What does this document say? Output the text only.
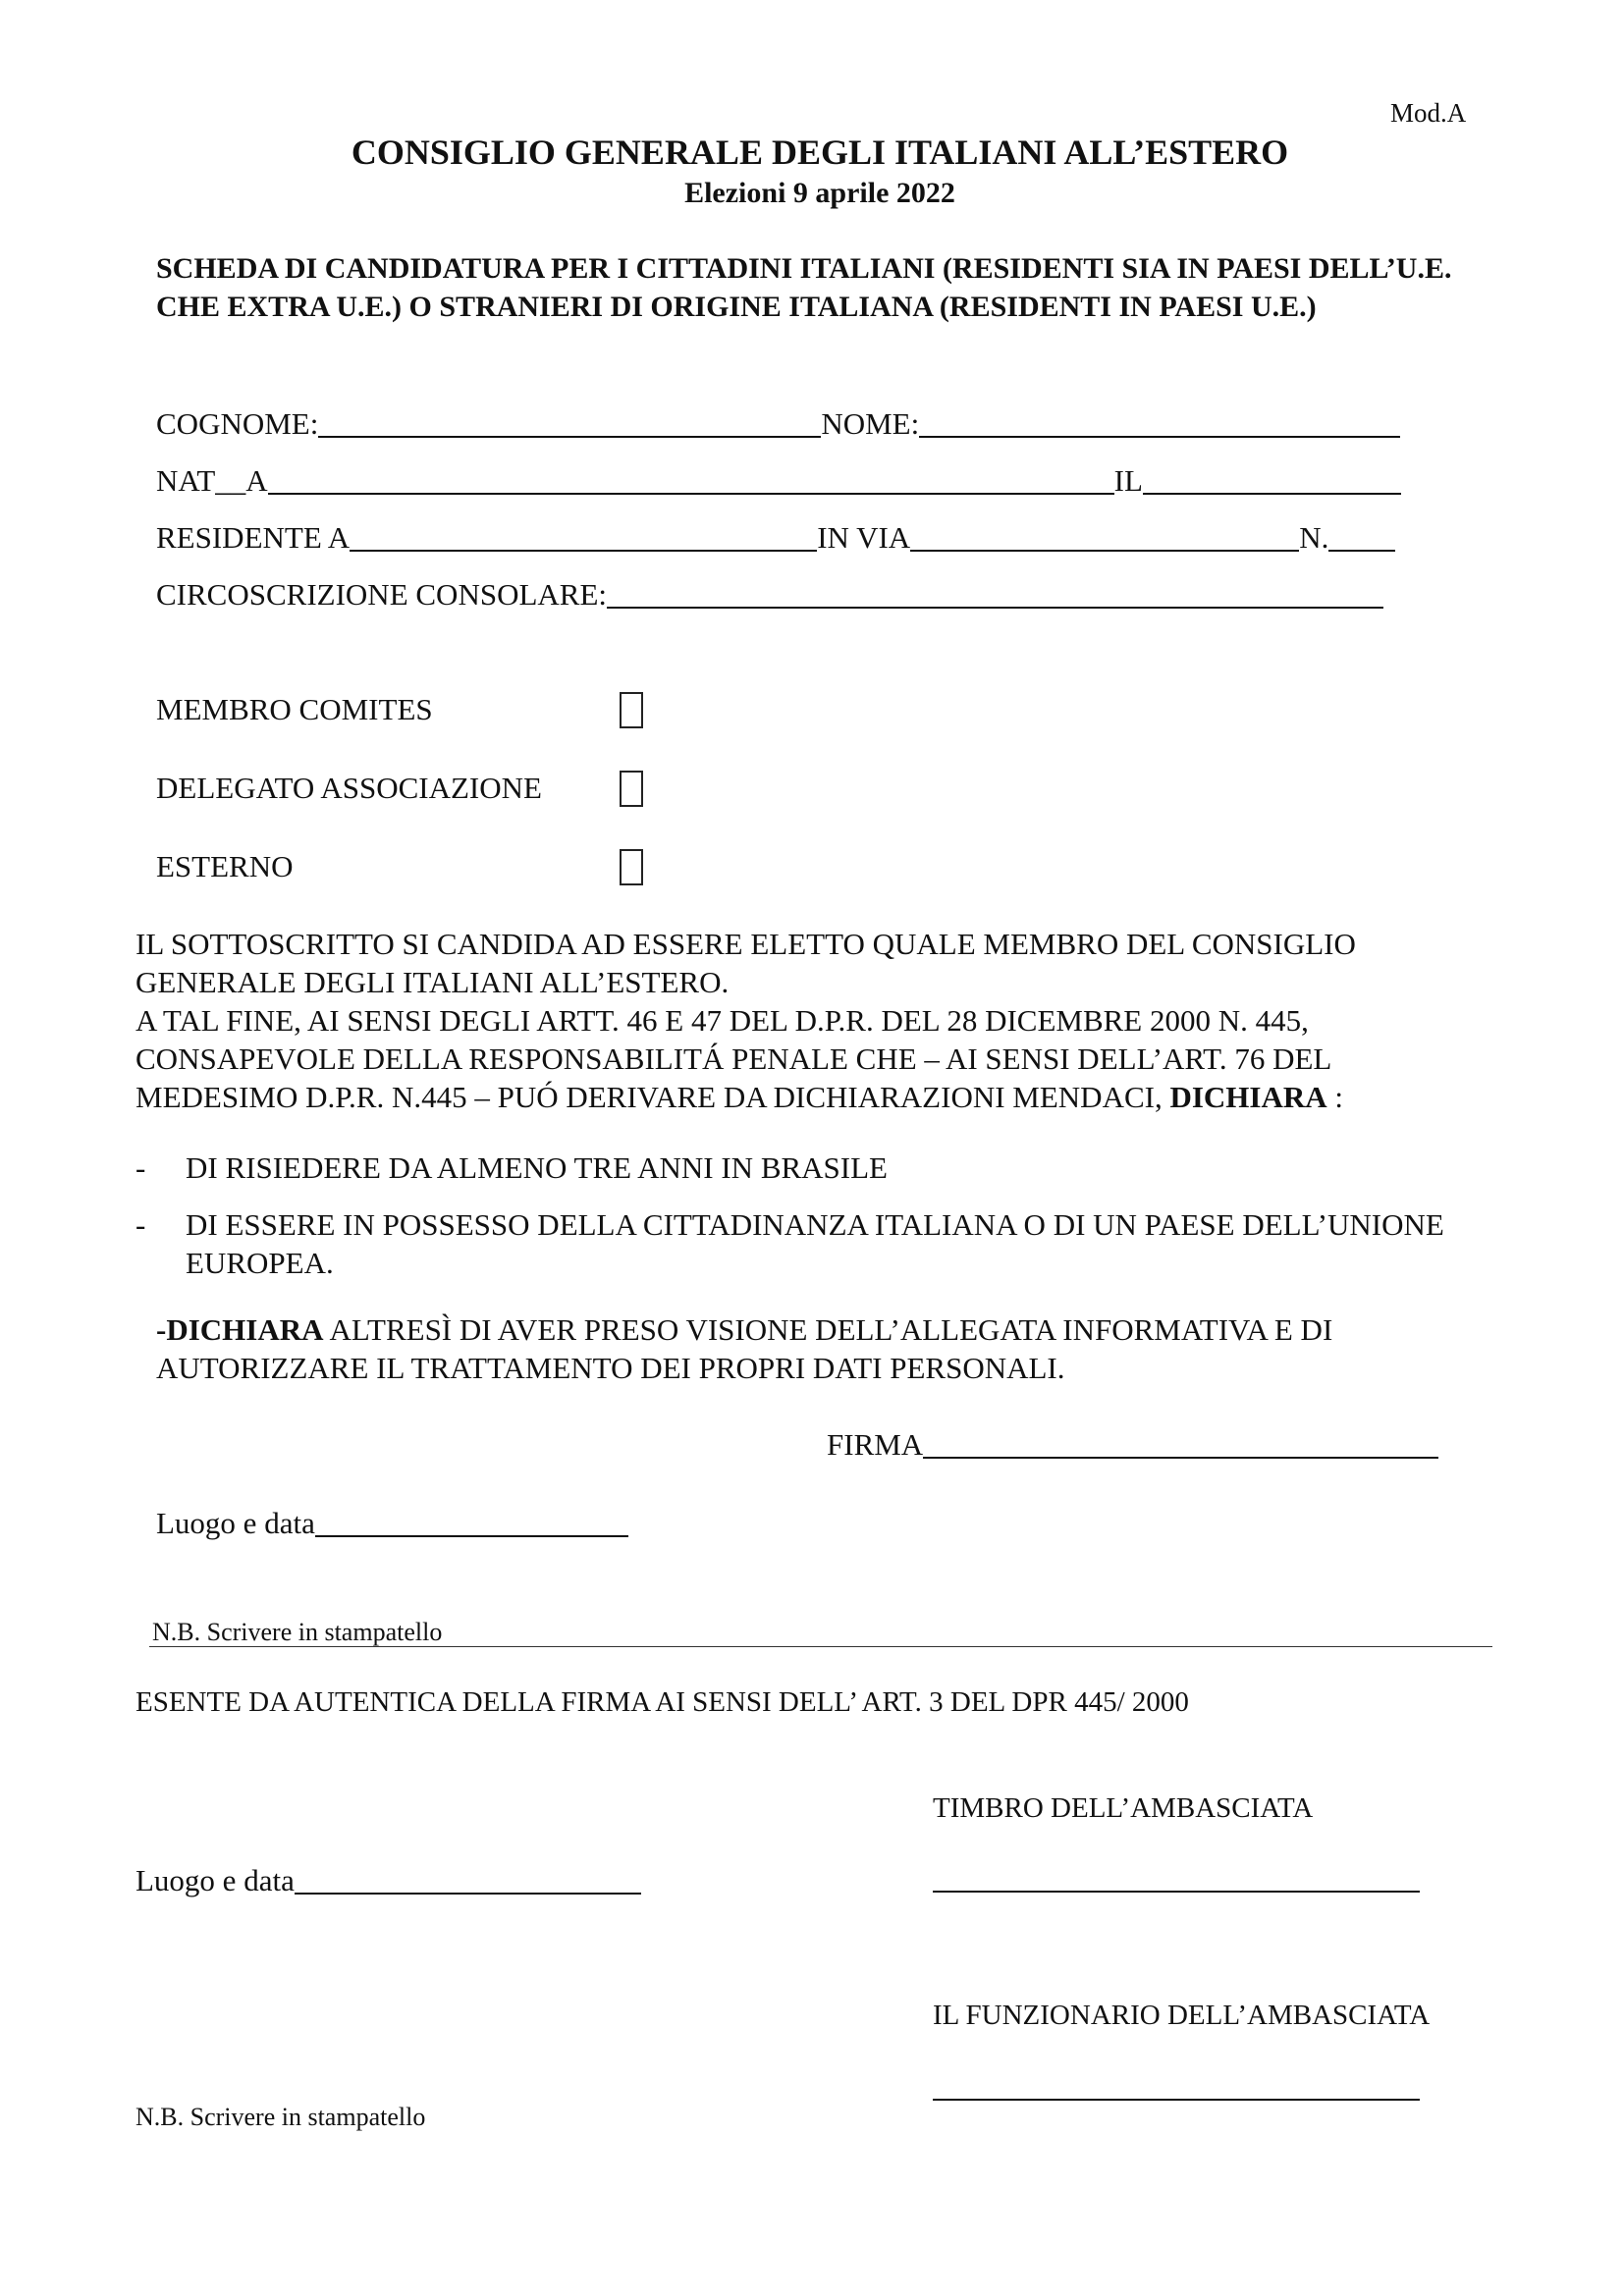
Mod.A
CONSIGLIO GENERALE DEGLI ITALIANI ALL’ESTERO
Elezioni 9 aprile 2022
SCHEDA DI CANDIDATURA PER I CITTADINI ITALIANI (RESIDENTI SIA IN PAESI DELL’U.E. CHE EXTRA U.E.) O STRANIERI DI ORIGINE ITALIANA (RESIDENTI IN PAESI U.E.)
COGNOME:	NOME:
NAT__A	IL
RESIDENTE A	IN VIA	N.
CIRCOSCRIZIONE CONSOLARE:
MEMBRO COMITES
DELEGATO ASSOCIAZIONE
ESTERNO

IL SOTTOSCRITTO SI CANDIDA AD ESSERE ELETTO QUALE MEMBRO DEL CONSIGLIO GENERALE DEGLI ITALIANI ALL’ESTERO.

A TAL FINE, AI SENSI DEGLI ARTT. 46 E 47 DEL D.P.R. DEL 28 DICEMBRE 2000 N. 445, CONSAPEVOLE DELLA RESPONSABILITÁ PENALE CHE – AI SENSI DELL’ART. 76 DEL MEDESIMO D.P.R. N.445 – PUÓ DERIVARE DA DICHIARAZIONI MENDACI, DICHIARA :

-	DI RISIEDERE DA ALMENO TRE ANNI IN BRASILE
-	DI ESSERE IN POSSESSO DELLA CITTADINANZA ITALIANA O DI UN PAESE DELL’UNIONE EUROPEA.
-DICHIARA ALTRESÌ DI AVER PRESO VISIONE DELL’ALLEGATA INFORMATIVA E DI AUTORIZZARE IL TRATTAMENTO DEI PROPRI DATI PERSONALI.
FIRMA
Luogo e data
N.B. Scrivere in stampatello
ESENTE DA AUTENTICA DELLA FIRMA AI SENSI DELL’ ART. 3 DEL DPR 445/ 2000
TIMBRO DELL’AMBASCIATA
Luogo e data
IL FUNZIONARIO DELL’AMBASCIATA
N.B. Scrivere in stampatello
